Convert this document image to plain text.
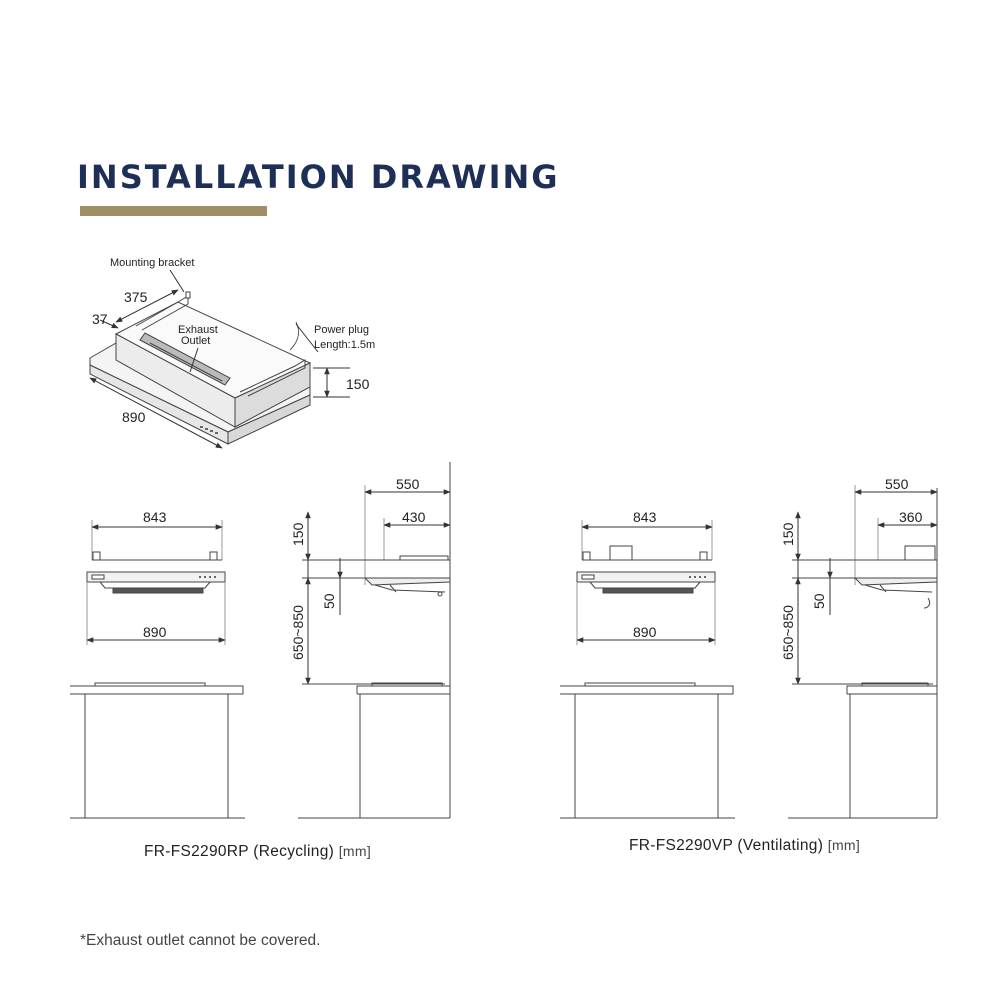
INSTALLATION DRAWING
Mounting bracket
Exhaust
Outlet
Power plug
Length:1.5m
375
37
890
150
843
890
550
430
150
50
650~850
843
890
550
360
150
50
650~850
FR-FS2290RP (Recycling) [mm]	FR-FS2290VP (Ventilating) [mm]
*Exhaust outlet cannot be covered.
